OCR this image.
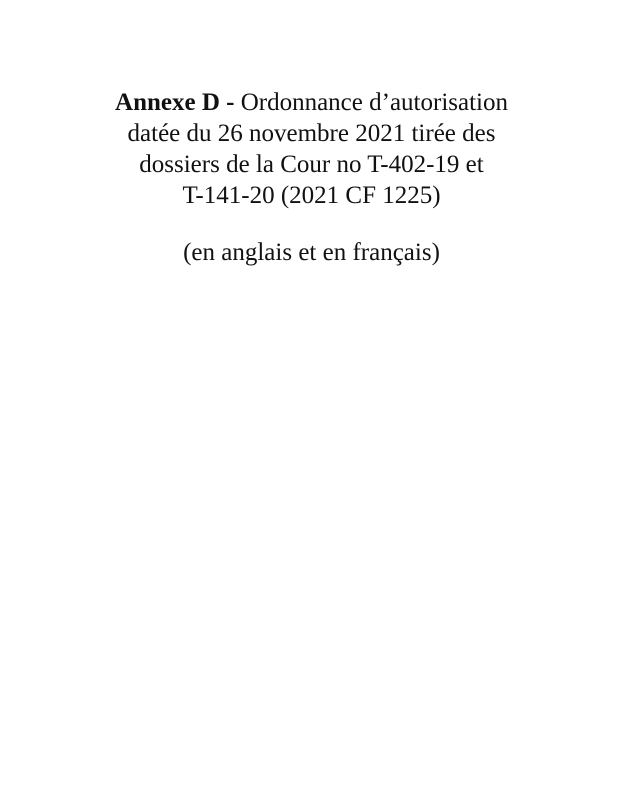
Annexe D - Ordonnance d’autorisation
datée du 26 novembre 2021 tirée des
dossiers de la Cour no T-402-19 et
T-141-20 (2021 CF 1225)

(en anglais et en français)
